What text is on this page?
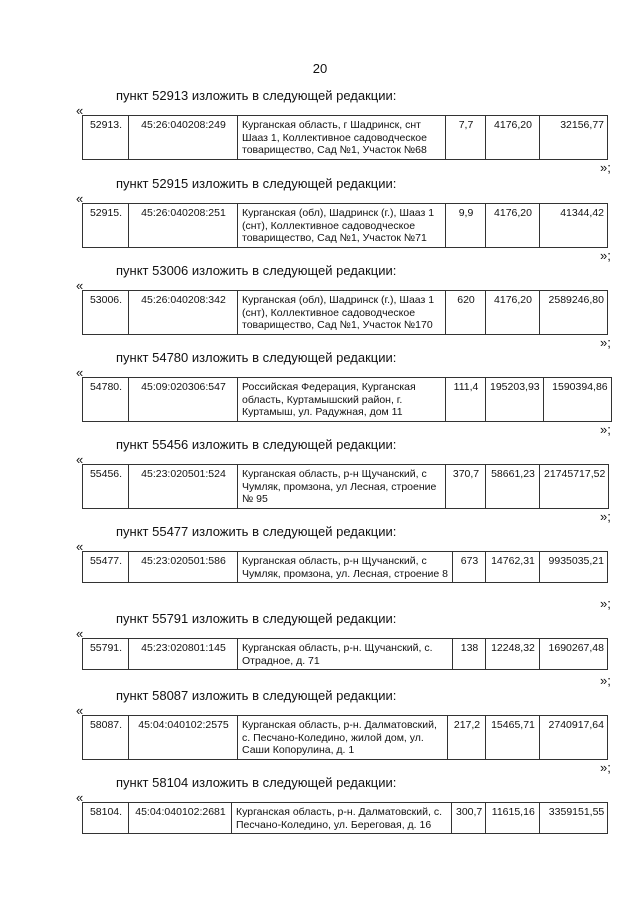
20
пункт 52913 изложить в следующей редакции:
«
52913.	45:26:040208:249	Курганская область, г Шадринск, снт Шааз 1, Коллективное садоводческое товарищество, Сад №1, Участок №68	7,7	4176,20	32156,77
»;
пункт 52915 изложить в следующей редакции:
«
52915.	45:26:040208:251	Курганская (обл), Шадринск (г.), Шааз 1 (снт), Коллективное садоводческое товарищество, Сад №1, Участок №71	9,9	4176,20	41344,42
»;
пункт 53006 изложить в следующей редакции:
«
53006.	45:26:040208:342	Курганская (обл), Шадринск (г.), Шааз 1 (снт), Коллективное садоводческое товарищество, Сад №1, Участок №170	620	4176,20	2589246,80
»;
пункт 54780 изложить в следующей редакции:
«
54780.	45:09:020306:547	Российская Федерация, Курганская область, Куртамышский район, г. Куртамыш, ул. Радужная, дом 11	111,4	195203,93	1590394,86
»;
пункт 55456 изложить в следующей редакции:
«
55456.	45:23:020501:524	Курганская область, р-н Щучанский, с Чумляк, промзона, ул Лесная, строение № 95	370,7	58661,23	21745717,52
»;
пункт 55477 изложить в следующей редакции:
«
55477.	45:23:020501:586	Курганская область, р-н Щучанский, с Чумляк, промзона, ул. Лесная, строение 8	673	14762,31	9935035,21
»;
пункт 55791 изложить в следующей редакции:
«
55791.	45:23:020801:145	Курганская область, р-н. Щучанский, с. Отрадное, д. 71	138	12248,32	1690267,48
»;
пункт 58087 изложить в следующей редакции:
«
58087.	45:04:040102:2575	Курганская область, р-н. Далматовский, с. Песчано-Коледино, жилой дом, ул. Саши Копорулина, д. 1	217,2	15465,71	2740917,64
»;
пункт 58104 изложить в следующей редакции:
«
58104.	45:04:040102:2681	Курганская область, р-н. Далматовский, с. Песчано-Коледино, ул. Береговая, д. 16	300,7	11615,16	3359151,55
